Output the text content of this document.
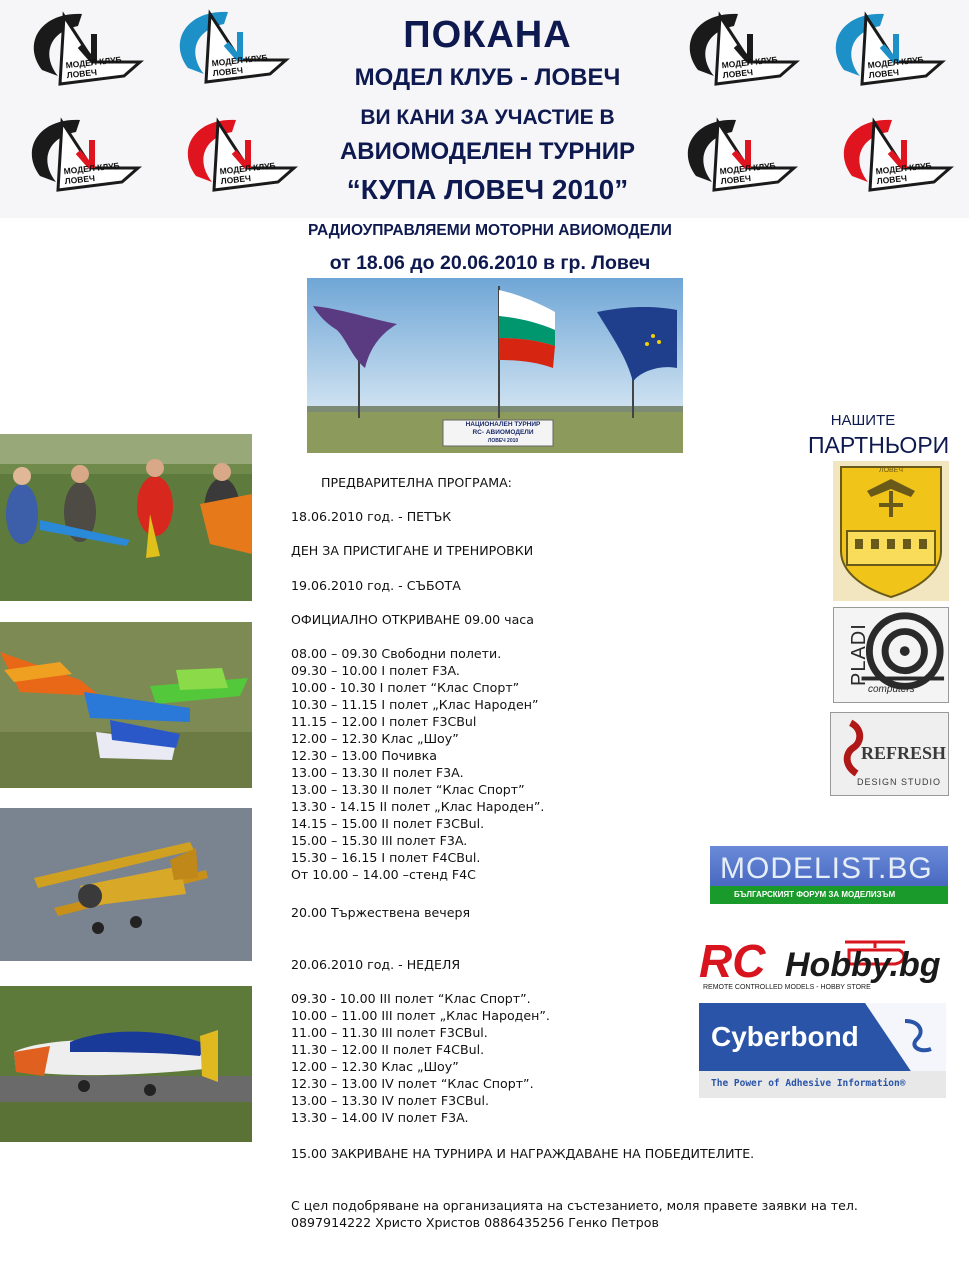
МОДЕЛ КЛУБ
ЛОВЕЧ
МОДЕЛ КЛУБ
ЛОВЕЧ
МОДЕЛ КЛУБ
ЛОВЕЧ
МОДЕЛ КЛУБ
ЛОВЕЧ
МОДЕЛ КЛУБ
ЛОВЕЧ
МОДЕЛ КЛУБ
ЛОВЕЧ
МОДЕЛ КЛУБ
ЛОВЕЧ
МОДЕЛ КЛУБ
ЛОВЕЧ
ПОКАНА
МОДЕЛ КЛУБ - ЛОВЕЧ
ВИ КАНИ ЗА УЧАСТИЕ В
АВИОМОДЕЛЕН ТУРНИР
“КУПА ЛОВЕЧ 2010”
РАДИОУПРАВЛЯЕМИ МОТОРНИ АВИОМОДЕЛИ
от 18.06 до 20.06.2010 в гр. Ловеч
НАЦИОНАЛЕН ТУРНИР
RC- АВИОМОДЕЛИ
ЛОВЕЧ 2010
ПРЕДВАРИТЕЛНА ПРОГРАМА:
18.06.2010 год. - ПЕТЪК
ДЕН ЗА ПРИСТИГАНЕ И ТРЕНИРОВКИ
19.06.2010 год. - СЪБОТА
ОФИЦИАЛНО ОТКРИВАНЕ 09.00 часа
08.00 – 09.30 Свободни полети.
09.30 – 10.00 I полет F3A.
10.00 - 10.30 I полет “Клас Спорт”
10.30 – 11.15 I полет „Клас Народен”
11.15 – 12.00 I полет F3CBul
12.00 – 12.30 Клас „Шоу”
12.30 – 13.00 Почивка
13.00 – 13.30 II полет F3A.
13.00 – 13.30 II полет “Клас Спорт”
13.30 - 14.15 II полет „Клас Народен”.
14.15 – 15.00 II полет F3CBul.
15.00 – 15.30 III полет F3A.
15.30 – 16.15 I полет F4CBul.
От 10.00 – 14.00 –стенд F4C
20.00 Тържествена вечеря
20.06.2010 год. - НЕДЕЛЯ
09.30 - 10.00 III полет “Клас Спорт”.
10.00 – 11.00 III полет „Клас Народен”.
11.00 – 11.30 III полет F3CBul.
11.30 – 12.00 II полет F4CBul.
12.00 – 12.30 Клас „Шоу”
12.30 – 13.00 IV полет “Клас Спорт”.
13.00 – 13.30 IV полет F3CBul.
13.30 – 14.00 IV полет F3A.
15.00 ЗАКРИВАНЕ НА ТУРНИРА И НАГРАЖДАВАНЕ НА ПОБЕДИТЕЛИТЕ.
С цел подобряване на организацията на състезанието, моля правете заявки на тел.
0897914222 Христо Христов 0886435256 Генко Петров
НАШИТЕ
ПАРТНЬОРИ
ЛОВЕЧ
PLADI
computers
REFRESH
DESIGN STUDIO
MODELIST.BG
БЪЛГАРСКИЯТ ФОРУМ ЗА МОДЕЛИЗЪМ
RC Hobby.bg
REMOTE CONTROLLED MODELS - HOBBY STORE
Cyberbond
The Power of Adhesive Information®
